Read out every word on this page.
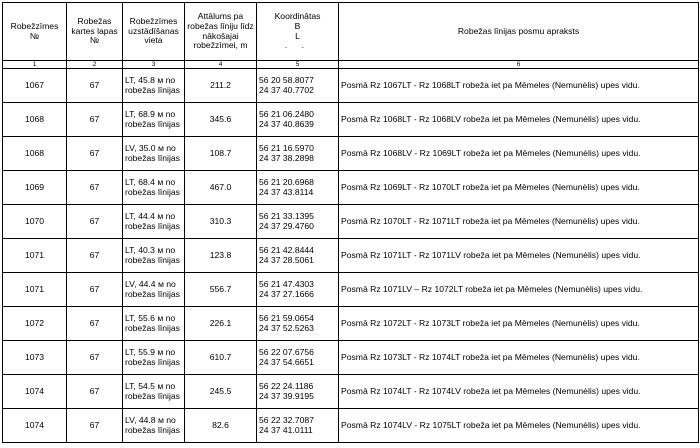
Robežzīmes №	Robežas kartes lapas №	Robežzīmes uzstādīšanas vieta	Attālums pa robežas līniju līdz nākošajai robežzīmei, m	Koordinātas
B
L
. .	Robežas līnijas posmu apraksts
1	2	3	4	5	6
1067	67	LT, 45.8 м no robežas līnijas	211.2	56 20 58.8077
24 37 40.7702	Posmā Rz 1067LT - Rz 1068LT robeža iet pa Mēmeles (Nemunėlis) upes vidu.
1068	67	LT, 68.9 м no robežas līnijas	345.6	56 21 06.2480
24 37 40.8639	Posmā Rz 1068LT - Rz 1068LV robeža iet pa Mēmeles (Nemunėlis) upes vidu.
1068	67	LV, 35.0 м no robežas līnijas	108.7	56 21 16.5970
24 37 38.2898	Posmā Rz 1068LV - Rz 1069LT robeža iet pa Mēmeles (Nemunėlis) upes vidu.
1069	67	LT, 68.4 м no robežas līnijas	467.0	56 21 20.6968
24 37 43.8114	Posmā Rz 1069LT - Rz 1070LT robeža iet pa Mēmeles (Nemunėlis) upes vidu.
1070	67	LT, 44.4 м no robežas līnijas	310.3	56 21 33.1395
24 37 29.4760	Posmā Rz 1070LT - Rz 1071LT robeža iet pa Mēmeles (Nemunėlis) upes vidu.
1071	67	LT, 40.3 м no robežas līnijas	123.8	56 21 42.8444
24 37 28.5061	Posmā Rz 1071LT - Rz 1071LV robeža iet pa Mēmeles (Nemunėlis) upes vidu.
1071	67	LV, 44.4 м no robežas līnijas	556.7	56 21 47.4303
24 37 27.1666	Posmā Rz 1071LV – Rz 1072LT robeža iet pa Mēmeles (Nemunėlis) upes vidu.
1072	67	LT, 55.6 м no robežas līnijas	226.1	56 21 59.0654
24 37 52.5263	Posmā Rz 1072LT - Rz 1073LT robeža iet pa Mēmeles (Nemunėlis) upes vidu.
1073	67	LT, 55.9 м no robežas līnijas	610.7	56 22 07.6756
24 37 54.6651	Posmā Rz 1073LT - Rz 1074LT robeža iet pa Mēmeles (Nemunėlis) upes vidu.
1074	67	LT, 54.5 м no robežas līnijas	245.5	56 22 24.1186
24 37 39.9195	Posmā Rz 1074LT - Rz 1074LV robeža iet pa Mēmeles (Nemunėlis) upes vidu.
1074	67	LV, 44.8 м no robežas līnijas	82.6	56 22 32.7087
24 37 41.0111	Posmā Rz 1074LV - Rz 1075LT robeža iet pa Mēmeles (Nemunėlis) upes vidu.
